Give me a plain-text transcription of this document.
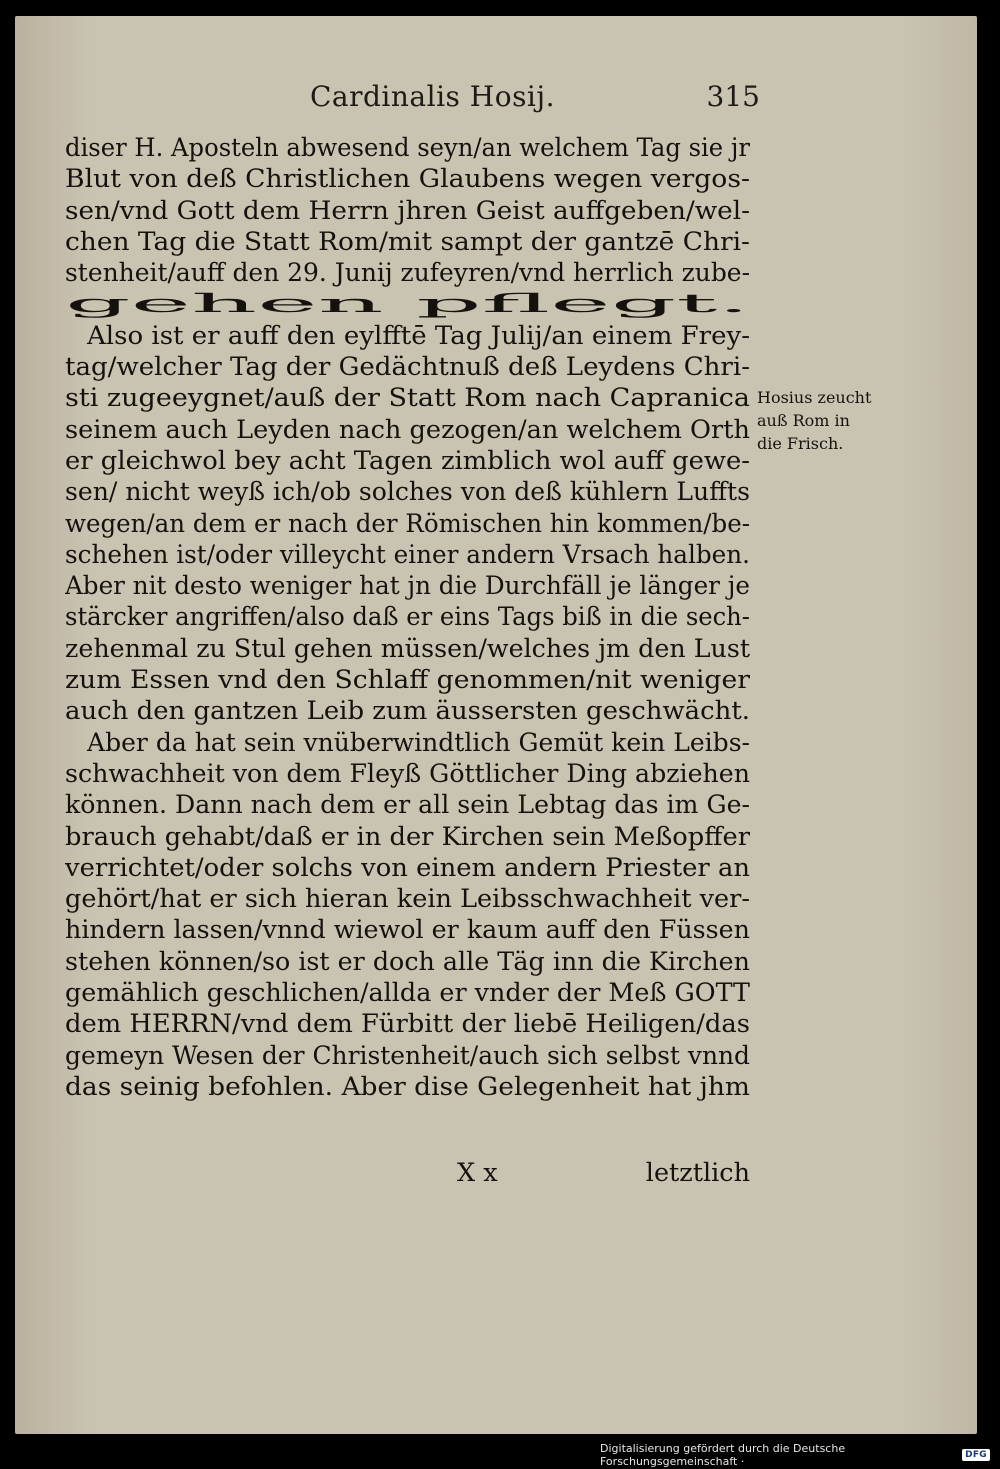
Cardinalis Hosij.	315
diser H. Aposteln abwesend seyn/an welchem Tag sie jr
Blut von deß Christlichen Glaubens wegen vergos-
sen/vnd Gott dem Herrn jhren Geist auffgeben/wel-
chen Tag die Statt Rom/mit sampt der gantzē Chri-
stenheit/auff den 29. Junij zufeyren/vnd herrlich zube-
gehen pflegt.
Also ist er auff den eylfftē Tag Julij/an einem Frey-
tag/welcher Tag der Gedächtnuß deß Leydens Chri-
sti zugeeygnet/auß der Statt Rom nach Capranica
seinem auch Leyden nach gezogen/an welchem Orth
er gleichwol bey acht Tagen zimblich wol auff gewe-
sen/ nicht weyß ich/ob solches von deß kühlern Luffts
wegen/an dem er nach der Römischen hin kommen/be-
schehen ist/oder villeycht einer andern Vrsach halben.
Aber nit desto weniger hat jn die Durchfäll je länger je
stärcker angriffen/also daß er eins Tags biß in die sech-
zehenmal zu Stul gehen müssen/welches jm den Lust
zum Essen vnd den Schlaff genommen/nit weniger
auch den gantzen Leib zum äussersten geschwächt.
Aber da hat sein vnüberwindtlich Gemüt kein Leibs-
schwachheit von dem Fleyß Göttlicher Ding abziehen
können. Dann nach dem er all sein Lebtag das im Ge-
brauch gehabt/daß er in der Kirchen sein Meßopffer
verrichtet/oder solchs von einem andern Priester an
gehört/hat er sich hieran kein Leibsschwachheit ver-
hindern lassen/vnnd wiewol er kaum auff den Füssen
stehen können/so ist er doch alle Täg inn die Kirchen
gemählich geschlichen/allda er vnder der Meß GOTT
dem HERRN/vnd dem Fürbitt der liebē Heiligen/das
gemeyn Wesen der Christenheit/auch sich selbst vnnd
das seinig befohlen. Aber dise Gelegenheit hat jhm
Hosius zeucht
auß Rom in
die Frisch.
X x	letztlich
Digitalisierung gefördert durch die Deutsche Forschungsgemeinschaft ·	DFG
